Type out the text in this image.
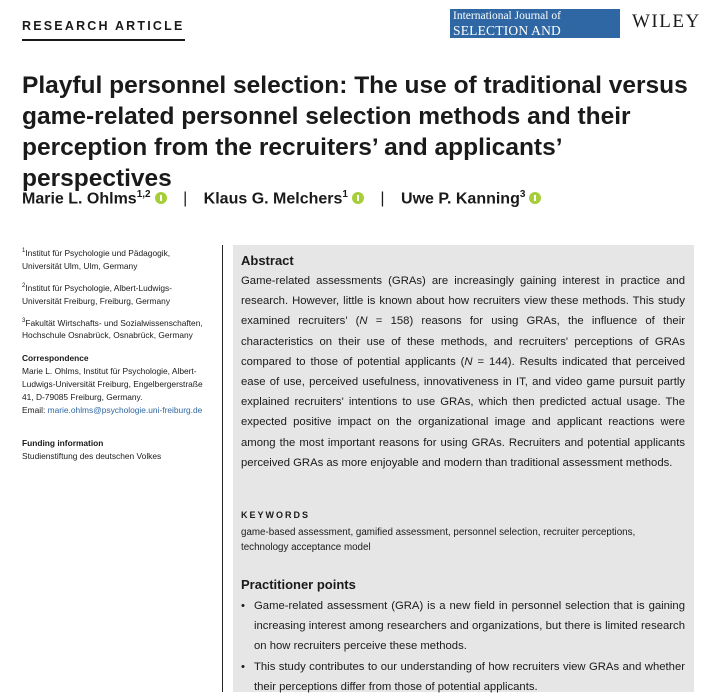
RESEARCH ARTICLE
International Journal of
SELECTION AND ASSESSMENT
WILEY
Playful personnel selection: The use of traditional versus game-related personnel selection methods and their perception from the recruiters’ and applicants’ perspectives
Marie L. Ohlms$^{1,2}$ | Klaus G. Melchers$^1$ | Uwe P. Kanning$^3$
$^1$Institut für Psychologie und Pädagogik, Universität Ulm, Ulm, Germany
$^2$Institut für Psychologie, Albert-Ludwigs-Universität Freiburg, Freiburg, Germany
$^3$Fakultät Wirtschafts- und Sozialwissenschaften, Hochschule Osnabrück, Osnabrück, Germany
Correspondence
Marie L. Ohlms, Institut für Psychologie, Albert-Ludwigs-Universität Freiburg, Engelbergerstraße 41, D-79085 Freiburg, Germany.
Email: marie.ohlms@psychologie.uni-freiburg.de
Funding information
Studienstiftung des deutschen Volkes
Abstract
Game-related assessments (GRAs) are increasingly gaining interest in practice and research. However, little is known about how recruiters view these methods. This study examined recruiters’ (N = 158) reasons for using GRAs, the influence of their characteristics on their use of these methods, and recruiters' perceptions of GRAs compared to those of potential applicants (N = 144). Results indicated that perceived ease of use, perceived usefulness, innovativeness in IT, and video game pursuit partly explained recruiters' intentions to use GRAs, which then predicted actual usage. The expected positive impact on the organizational image and applicant reactions were among the most important reasons for using GRAs. Recruiters and potential applicants perceived GRAs as more enjoyable and modern than traditional assessment methods.
KEYWORDS
game-based assessment, gamified assessment, personnel selection, recruiter perceptions, technology acceptance model
Practitioner points
• Game-related assessment (GRA) is a new field in personnel selection that is gaining increasing interest among researchers and organizations, but there is limited research on how recruiters perceive these methods.
• This study contributes to our understanding of how recruiters view GRAs and whether their perceptions differ from those of potential applicants.
